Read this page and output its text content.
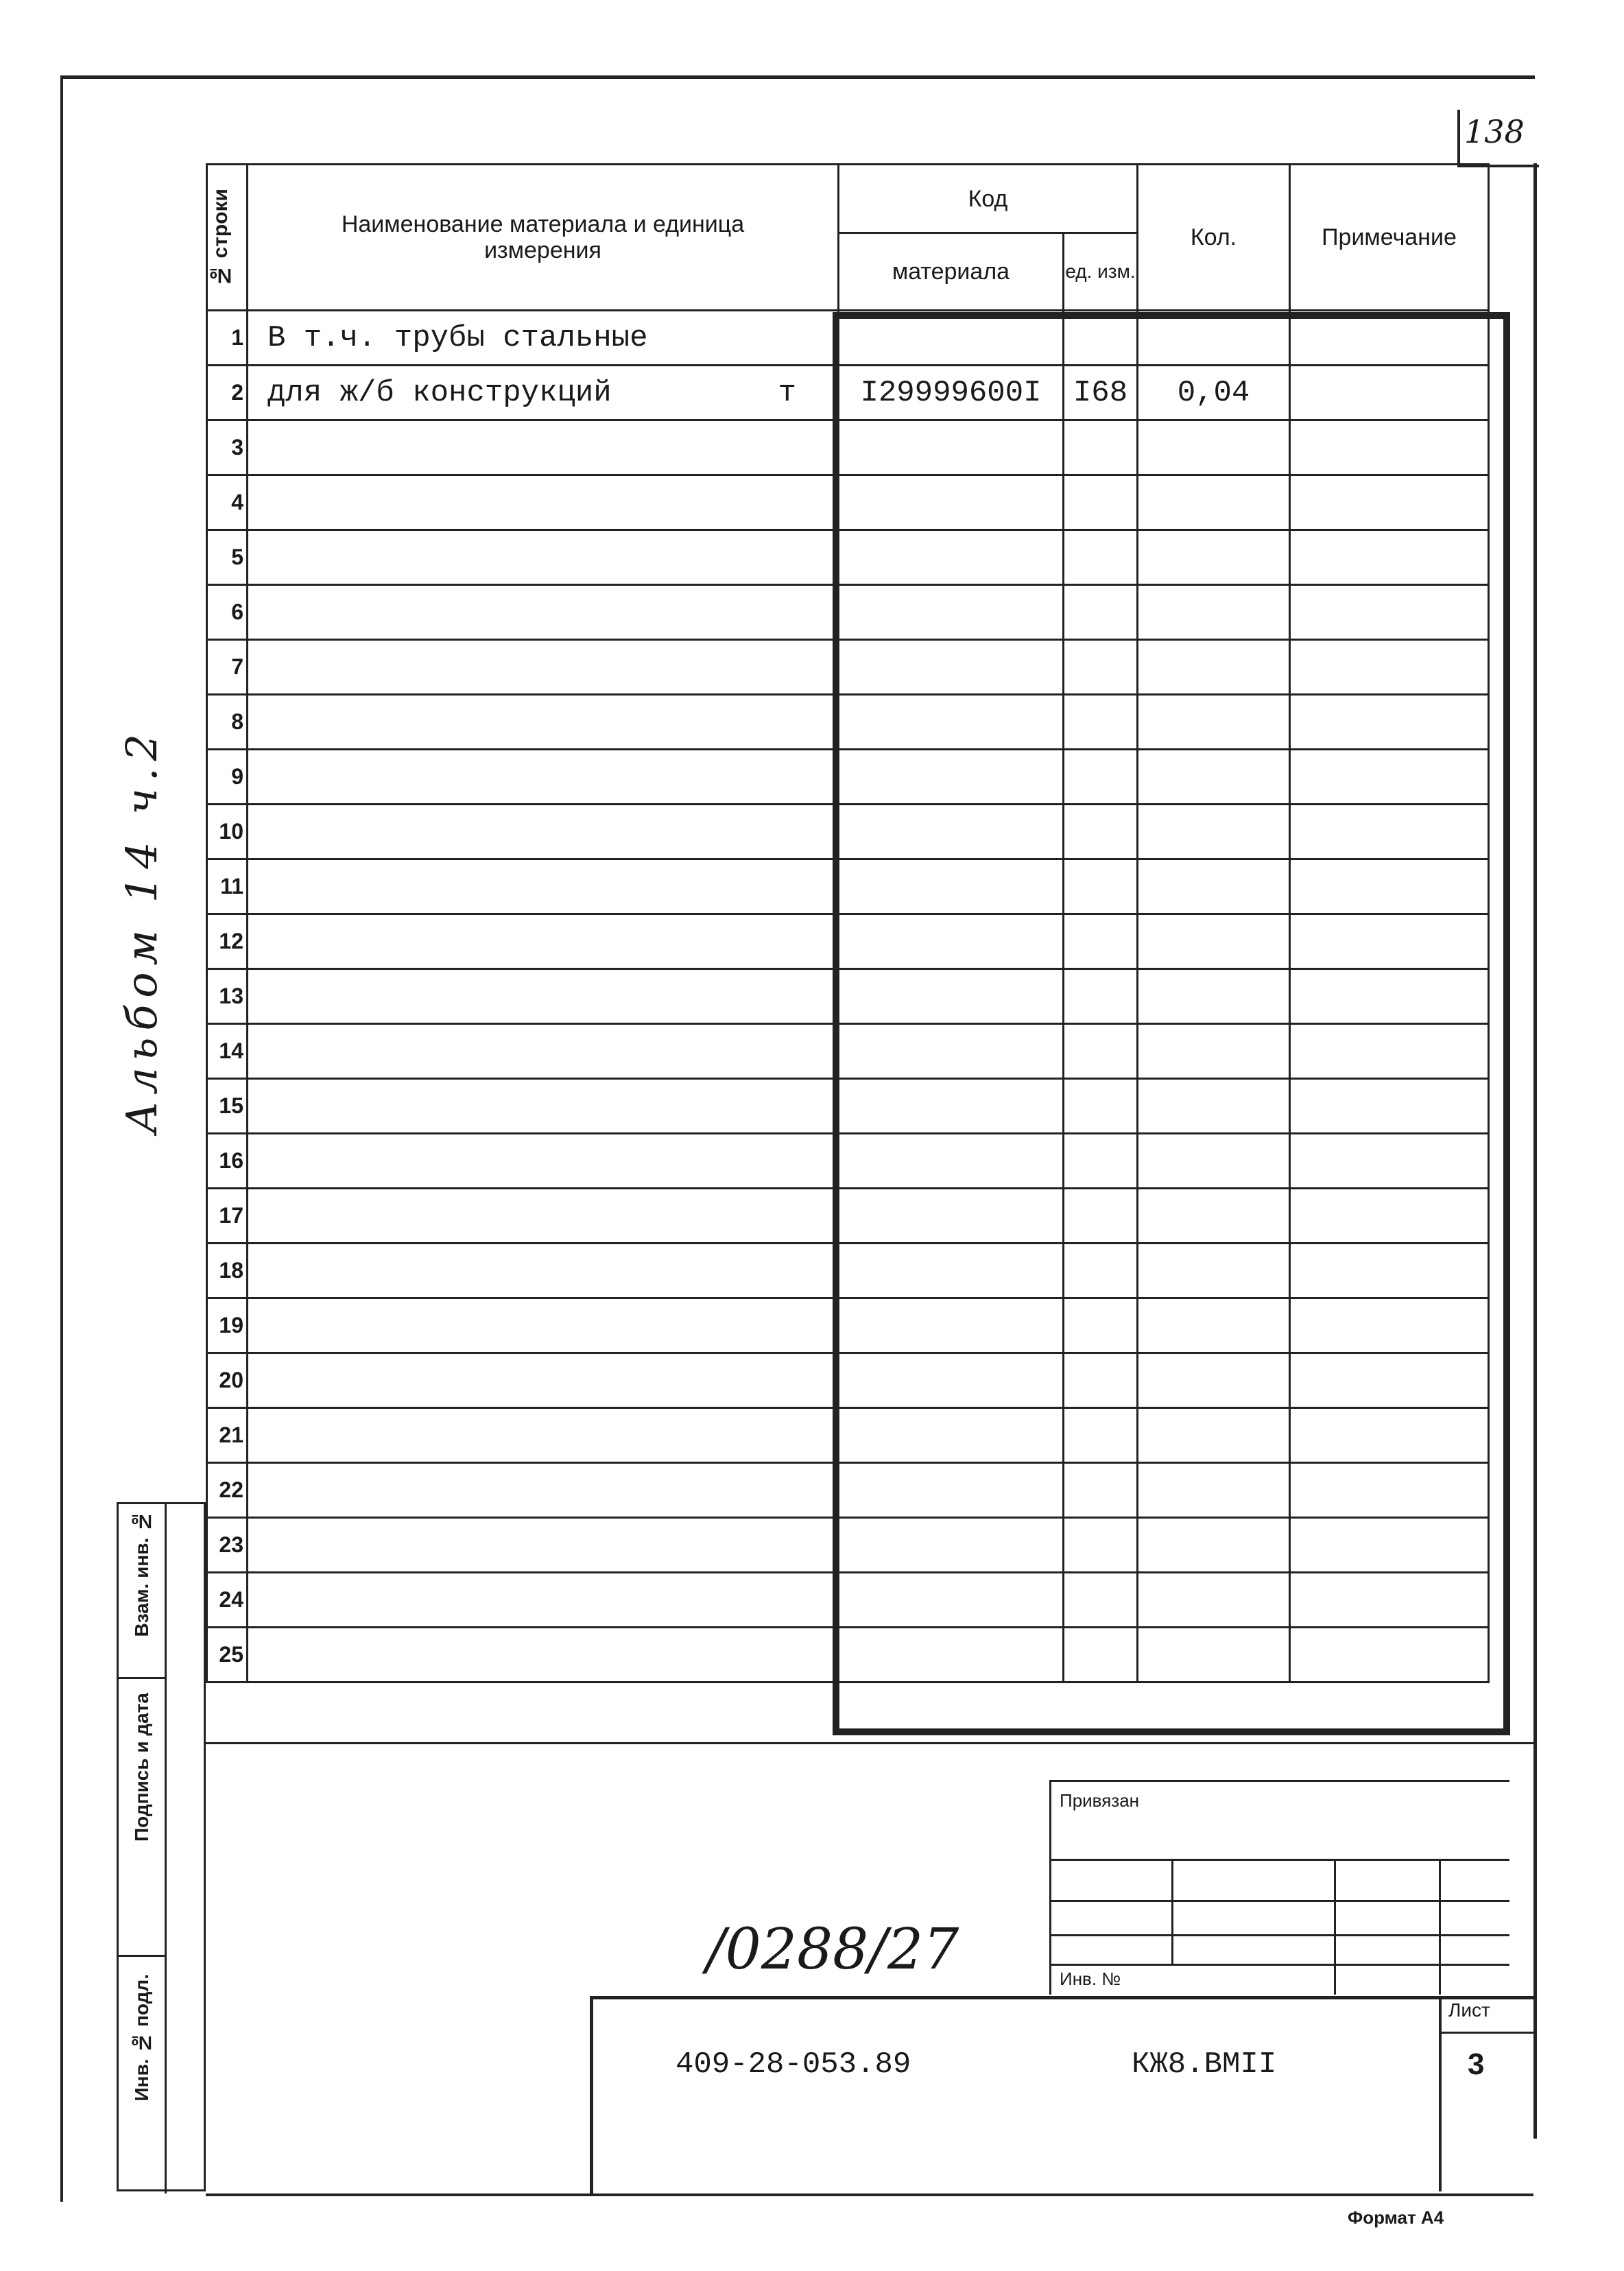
138
Альбом 14 ч.2
№ строки	Наименование материала и единица измерения	Код		Кол.	Примечание
		материала	ед. изм.		
1	В т.ч. трубы стальные

2	для ж/б конструкций т	I29999600I	I68	0,04	
3	

4	

5	

6	

7	

8	

9	

10	

11	

12	

13	

14	

15	

16	

17	

18	

19	

20	

21	

22	

23	

24	

25	

Взам. инв. №
Подпись и дата
Инв. № подл.
Привязан
Инв. №
/0288/27
409-28-053.89	КЖ8.ВМII
Лист
3
Формат А4
